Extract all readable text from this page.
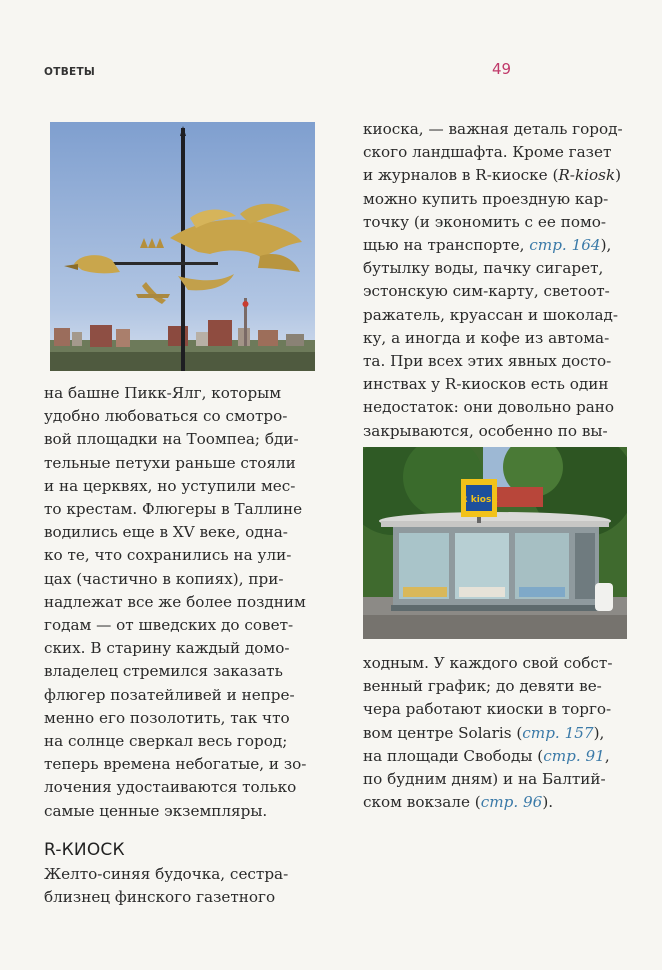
ОТВЕТЫ	49
на башне Пикк-Ялг, которым
удобно любоваться со смотро-
вой площадки на Тоомпеа; бди-
тельные петухи раньше стояли
и на церквях, но уступили мес-
то крестам. Флюгеры в Таллине
водились еще в XV веке, одна-
ко те, что сохранились на ули-
цах (частично в копиях), при-
надлежат все же более поздним
годам — от шведских до совет-
ских. В старину каждый домо-
владелец стремился заказать
флюгер позатейливей и непре-
менно его позолотить, так что
на солнце сверкал весь город;
теперь времена небогатые, и зо-
лочения удостаиваются только
самые ценные экземпляры.
R-КИОСК
Желто-синяя будочка, сестра-
близнец финского газетного
киоска, — важная деталь город-
ского ландшафта. Кроме газет
и журналов в R-киоске (R-kiosk)
можно купить проездную кар-
точку (и экономить с ее помо-
щью на транспорте, стр. 164),
бутылку воды, пачку сигарет,
эстонскую сим-карту, светоот-
ражатель, круассан и шоколад-
ку, а иногда и кофе из автома-
та. При всех этих явных досто-
инствах у R-киосков есть один
недостаток: они довольно рано
закрываются, особенно по вы-
R kiosk
ходным. У каждого свой собст-
венный график; до девяти ве-
чера работают киоски в торго-
вом центре Solaris (стр. 157),
на площади Свободы (стр. 91,
по будним дням) и на Балтий-
ском вокзале (стр. 96).
